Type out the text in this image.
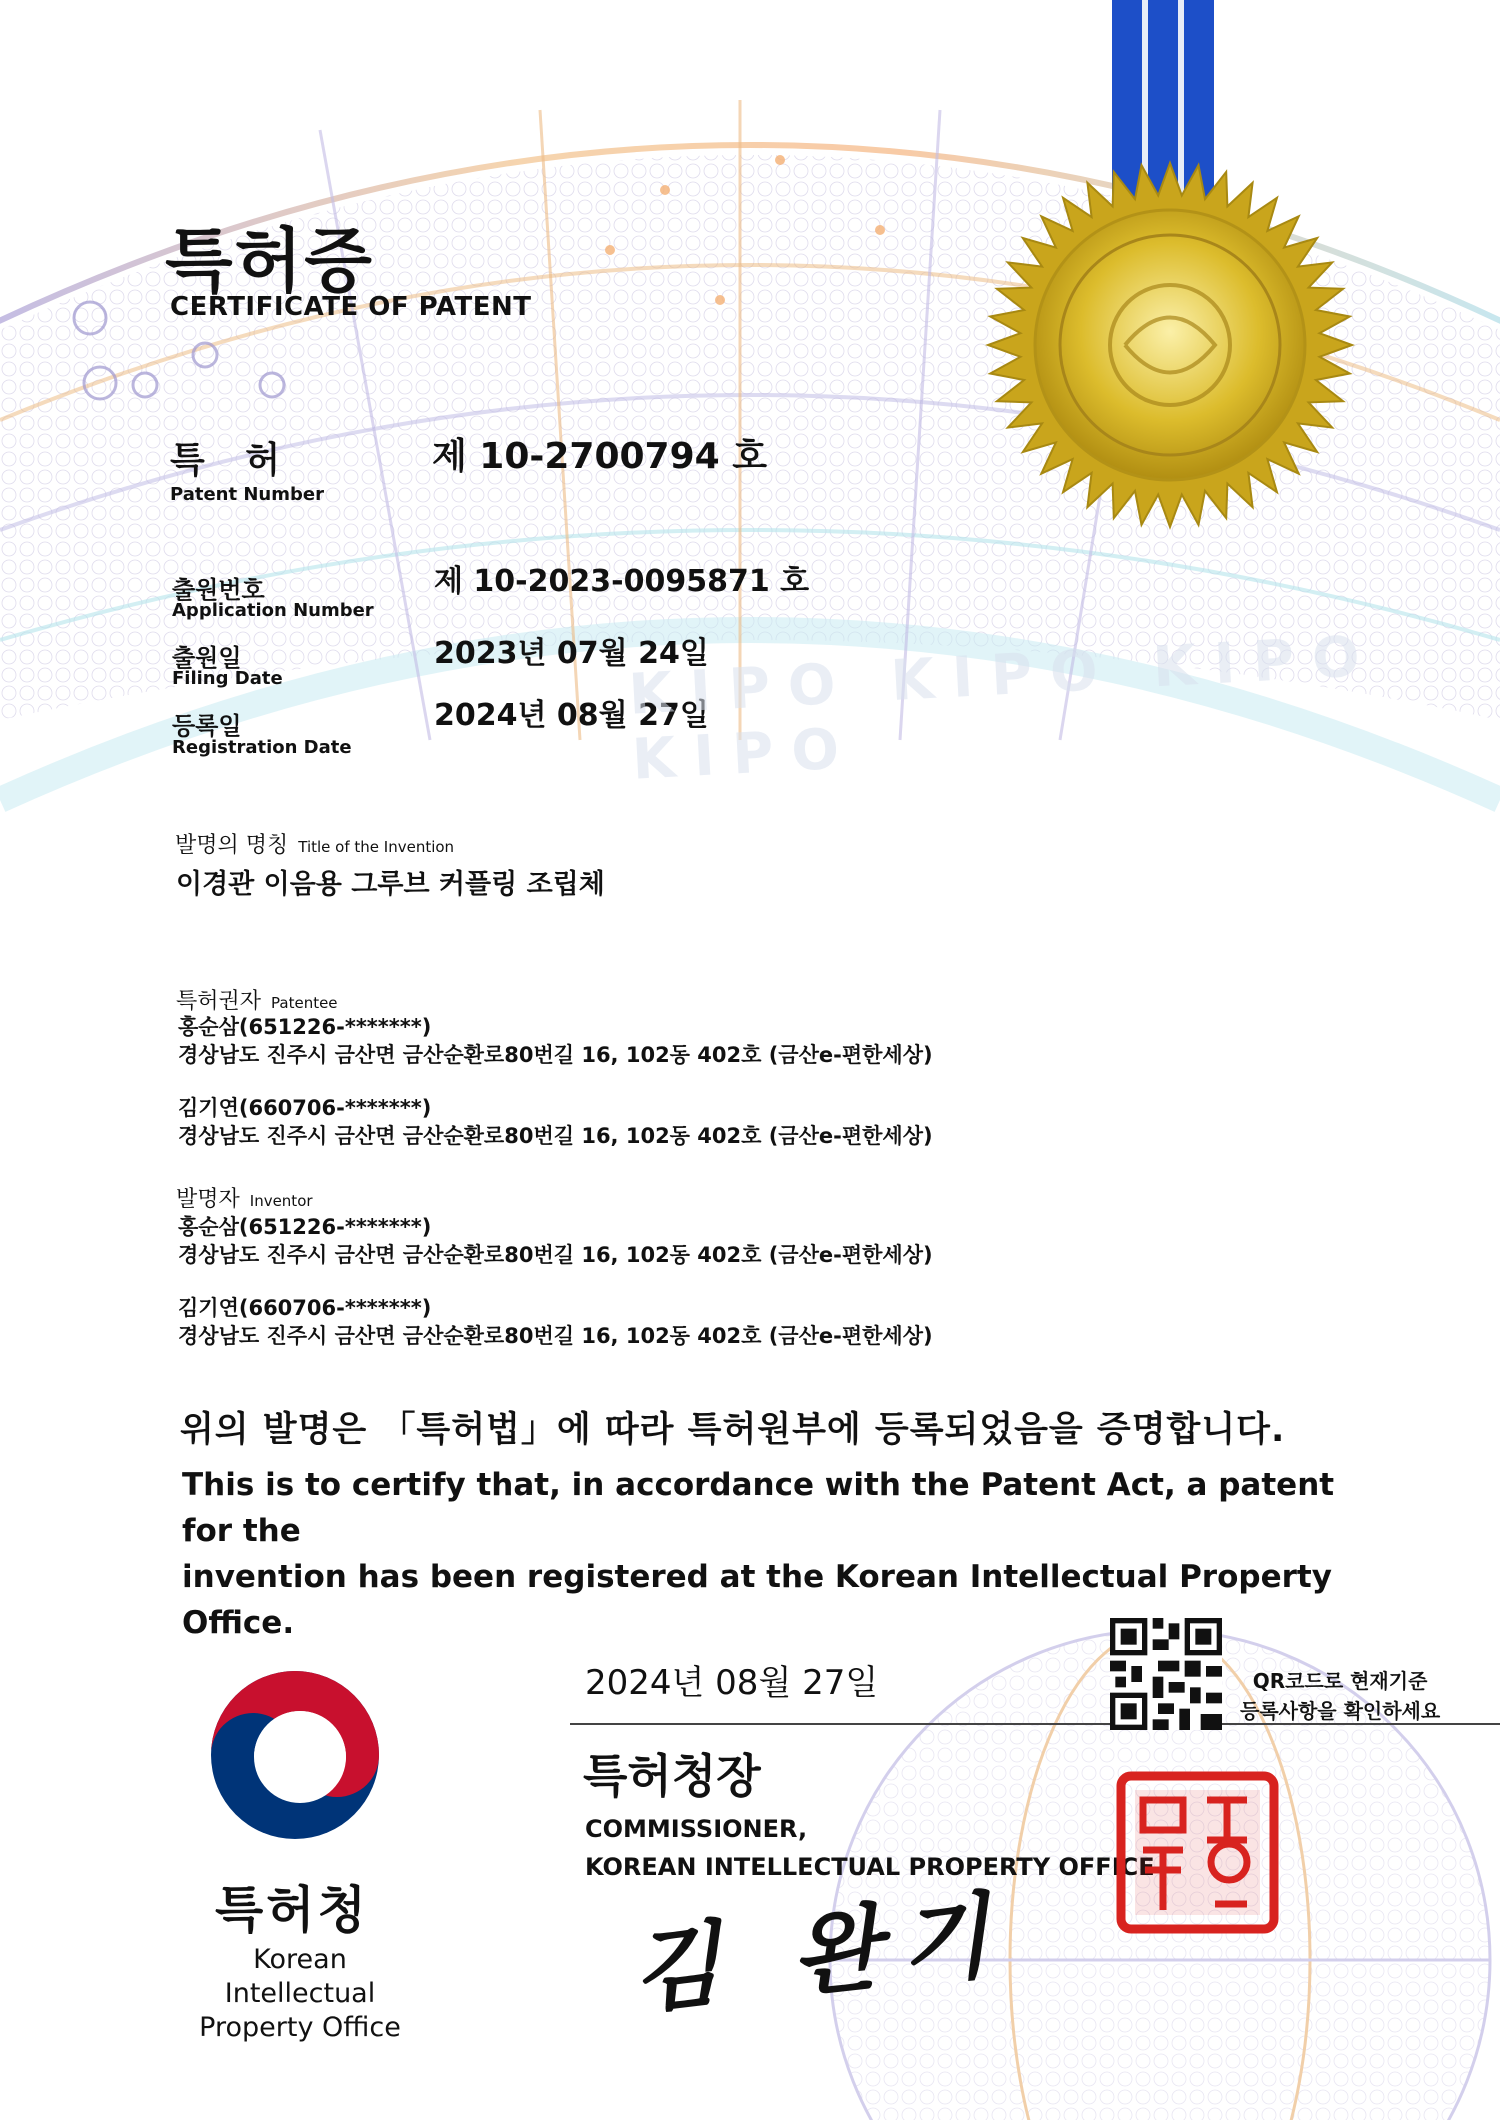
특허증
CERTIFICATE OF PATENT
특 허
Patent Number
제 10-2700794 호
출원번호
Application Number
제 10-2023-0095871 호
출원일
Filing Date
2023년 07월 24일
등록일
Registration Date
2024년 08월 27일
KIPO KIPO KIPO KIPO
발명의 명칭 Title of the Invention
이경관 이음용 그루브 커플링 조립체
특허권자 Patentee
홍순삼(651226-*******)
경상남도 진주시 금산면 금산순환로80번길 16, 102동 402호 (금산e-편한세상)
김기연(660706-*******)
경상남도 진주시 금산면 금산순환로80번길 16, 102동 402호 (금산e-편한세상)
발명자 Inventor
홍순삼(651226-*******)
경상남도 진주시 금산면 금산순환로80번길 16, 102동 402호 (금산e-편한세상)
김기연(660706-*******)
경상남도 진주시 금산면 금산순환로80번길 16, 102동 402호 (금산e-편한세상)
위의 발명은 「특허법」에 따라 특허원부에 등록되었음을 증명합니다.
This is to certify that, in accordance with the Patent Act, a patent for the
invention has been registered at the Korean Intellectual Property Office.
특허청
Korean Intellectual
Property Office
2024년 08월 27일
특허청장
COMMISSIONER,
KOREAN INTELLECTUAL PROPERTY OFFICE
김 완기
QR코드로 현재기준
등록사항을 확인하세요
